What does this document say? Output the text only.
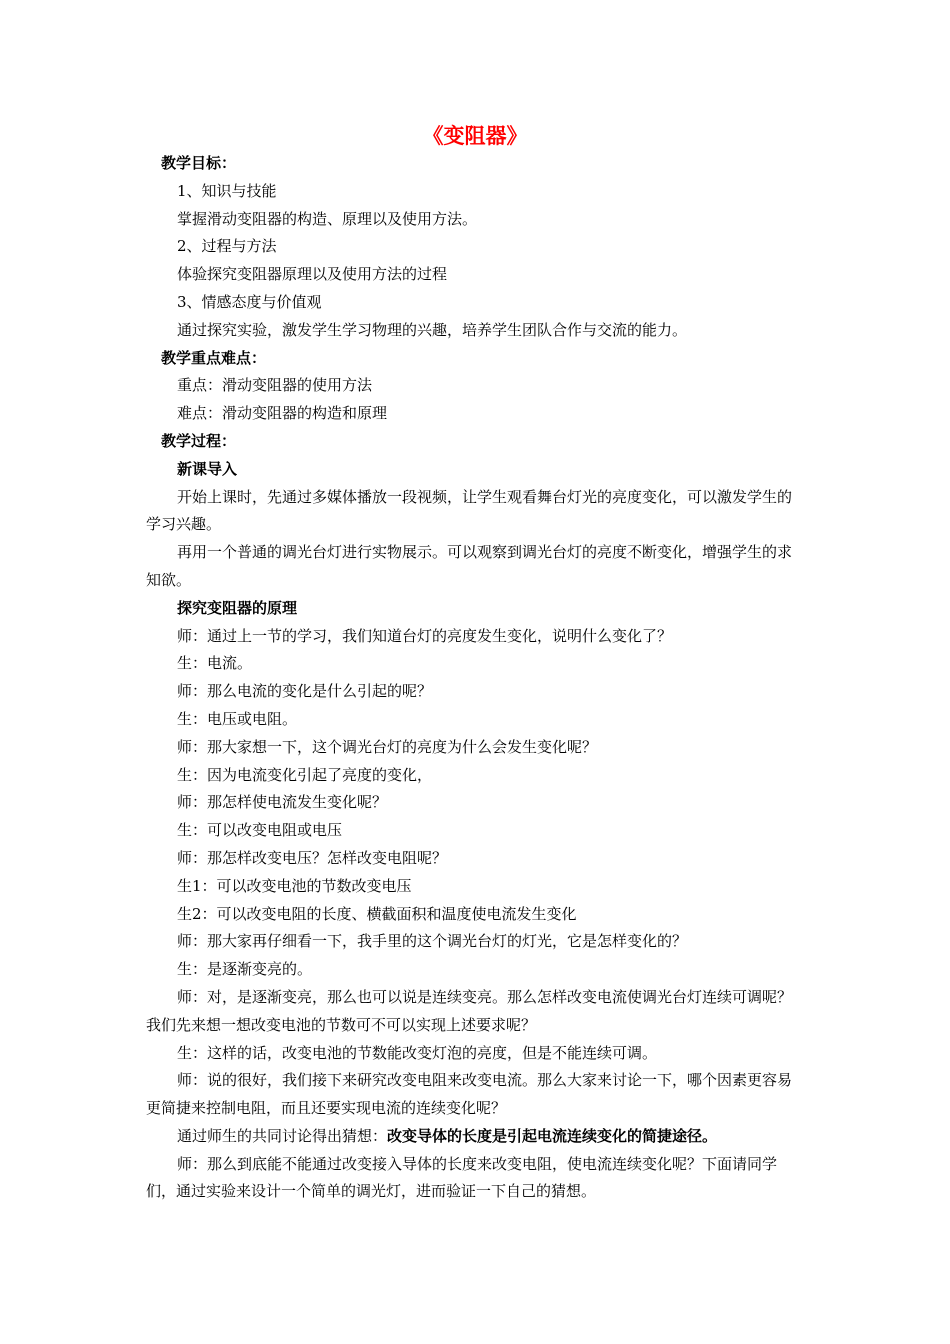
《变阻器》

教学目标：

1、知识与技能

掌握滑动变阻器的构造、原理以及使用方法。

2、过程与方法

体验探究变阻器原理以及使用方法的过程

3、情感态度与价值观

通过探究实验，激发学生学习物理的兴趣，培养学生团队合作与交流的能力。

教学重点难点：

重点：滑动变阻器的使用方法

难点：滑动变阻器的构造和原理

教学过程：

新课导入

开始上课时，先通过多媒体播放一段视频，让学生观看舞台灯光的亮度变化，可以激发学生的学习兴趣。

再用一个普通的调光台灯进行实物展示。可以观察到调光台灯的亮度不断变化，增强学生的求知欲。

探究变阻器的原理

师：通过上一节的学习，我们知道台灯的亮度发生变化，说明什么变化了？

生：电流。

师：那么电流的变化是什么引起的呢？

生：电压或电阻。

师：那大家想一下，这个调光台灯的亮度为什么会发生变化呢？

生：因为电流变化引起了亮度的变化，

师：那怎样使电流发生变化呢？

生：可以改变电阻或电压

师：那怎样改变电压？怎样改变电阻呢？

生1：可以改变电池的节数改变电压

生2：可以改变电阻的长度、横截面积和温度使电流发生变化

师：那大家再仔细看一下，我手里的这个调光台灯的灯光，它是怎样变化的？

生：是逐渐变亮的。

师：对，是逐渐变亮，那么也可以说是连续变亮。那么怎样改变电流使调光台灯连续可调呢？我们先来想一想改变电池的节数可不可以实现上述要求呢？

生：这样的话，改变电池的节数能改变灯泡的亮度，但是不能连续可调。

师：说的很好，我们接下来研究改变电阻来改变电流。那么大家来讨论一下，哪个因素更容易更简捷来控制电阻，而且还要实现电流的连续变化呢？

通过师生的共同讨论得出猜想：改变导体的长度是引起电流连续变化的简捷途径。

师：那么到底能不能通过改变接入导体的长度来改变电阻，使电流连续变化呢？下面请同学们，通过实验来设计一个简单的调光灯，进而验证一下自己的猜想。
